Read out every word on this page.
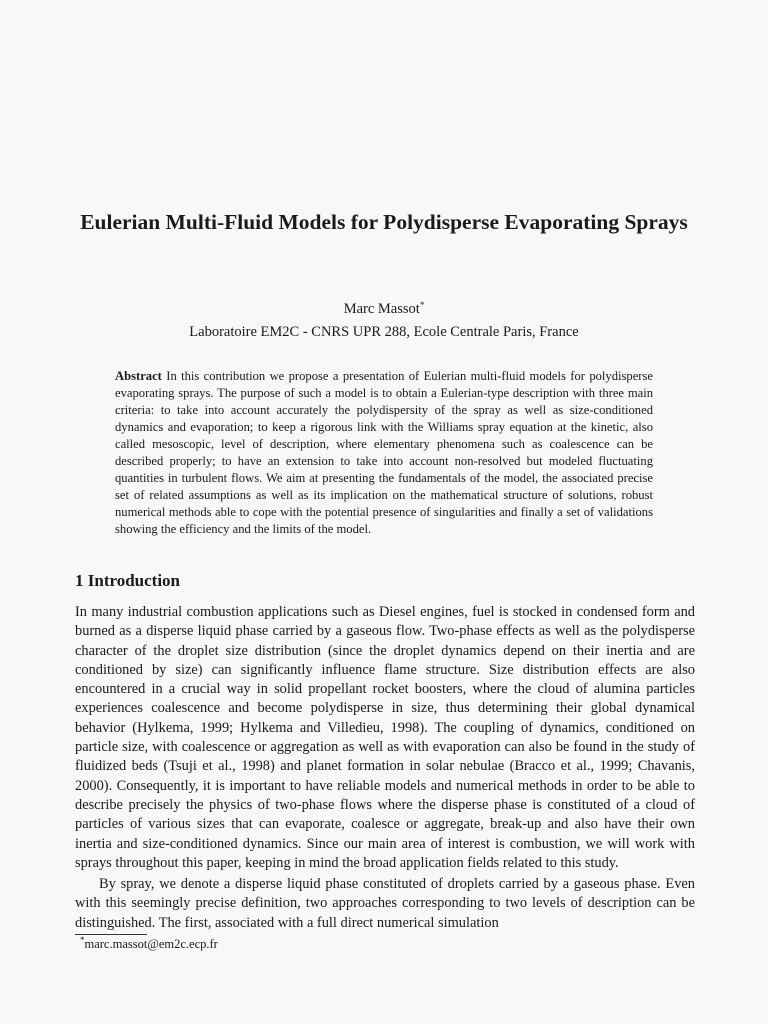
Eulerian Multi-Fluid Models for Polydisperse Evaporating Sprays

Marc Massot*

Laboratoire EM2C - CNRS UPR 288, Ecole Centrale Paris, France

Abstract In this contribution we propose a presentation of Eulerian multi-fluid models for polydisperse evaporating sprays. The purpose of such a model is to obtain a Eulerian-type description with three main criteria: to take into account accurately the polydispersity of the spray as well as size-conditioned dynamics and evaporation; to keep a rigorous link with the Williams spray equation at the kinetic, also called mesoscopic, level of description, where elementary phenomena such as coalescence can be described properly; to have an extension to take into account non-resolved but modeled fluctuating quantities in turbulent flows. We aim at presenting the fundamentals of the model, the associated precise set of related assumptions as well as its implication on the mathematical structure of solutions, robust numerical methods able to cope with the potential presence of singularities and finally a set of validations showing the efficiency and the limits of the model.

1 Introduction

In many industrial combustion applications such as Diesel engines, fuel is stocked in condensed form and burned as a disperse liquid phase carried by a gaseous flow. Two-phase effects as well as the polydisperse character of the droplet size distribution (since the droplet dynamics depend on their inertia and are conditioned by size) can significantly influence flame structure. Size distribution effects are also encountered in a crucial way in solid propellant rocket boosters, where the cloud of alumina particles experiences coalescence and become polydisperse in size, thus determining their global dynamical behavior (Hylkema, 1999; Hylkema and Villedieu, 1998). The coupling of dynamics, conditioned on particle size, with coalescence or aggregation as well as with evaporation can also be found in the study of fluidized beds (Tsuji et al., 1998) and planet formation in solar nebulae (Bracco et al., 1999; Chavanis, 2000). Consequently, it is important to have reliable models and numerical methods in order to be able to describe precisely the physics of two-phase flows where the disperse phase is constituted of a cloud of particles of various sizes that can evaporate, coalesce or aggregate, break-up and also have their own inertia and size-conditioned dynamics. Since our main area of interest is combustion, we will work with sprays throughout this paper, keeping in mind the broad application fields related to this study.

By spray, we denote a disperse liquid phase constituted of droplets carried by a gaseous phase. Even with this seemingly precise definition, two approaches corresponding to two levels of description can be distinguished. The first, associated with a full direct numerical simulation

*marc.massot@em2c.ecp.fr
